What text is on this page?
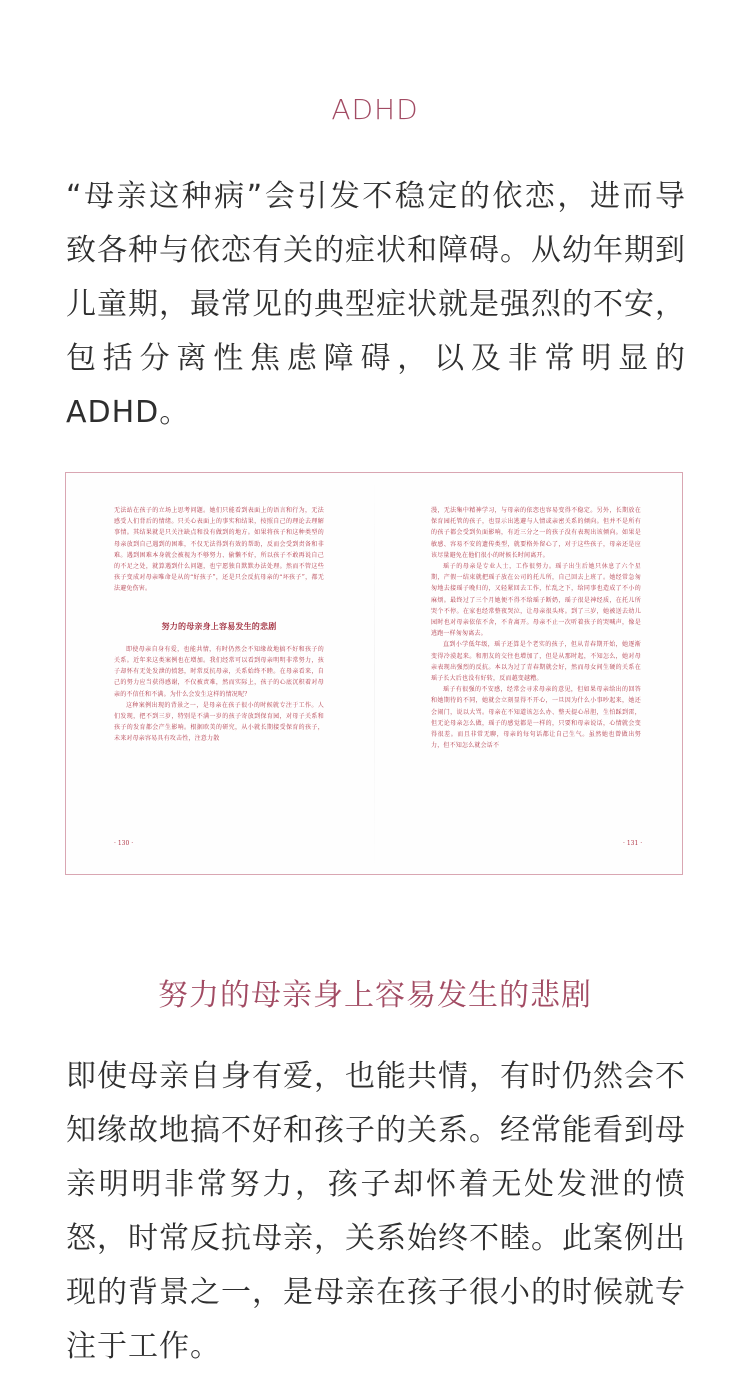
ADHD

“母亲这种病”会引发不稳定的依恋，进而导致各种与依恋有关的症状和障碍。从幼年期到儿童期，最常见的典型症状就是强烈的不安，包括分离性焦虑障碍，以及非常明显的ADHD。

无法站在孩子的立场上思考问题。她们只能看到表面上的语言和行为，无法感受人们背后的情绪。只关心表面上的事实和结果，按照自己的理论去理解事情。其结果就是只关注缺点和没有做到的地方。如果将孩子和这种类型的母亲放到自己遇到的困难，不仅无法得到有效的帮助，反而会受到责备和非难。遇到困难本身就会被视为不够努力、偷懒不好，所以孩子不敢再说自己的不足之处，就算遇到什么问题，也宁愿独自默默办法处理。然而不管这些孩子变成对母亲唯命是从的“好孩子”，还是只会反抗母亲的“坏孩子”，都无法避免伤害。

努力的母亲身上容易发生的悲剧

即使母亲自身有爱，也能共情，有时仍然会不知缘故地搞不好和孩子的关系。近年来这类案例也在增加。我们经常可以看到母亲明明非常努力，孩子却怀有无处发泄的愤怒，时常反抗母亲，关系始终不睦。在母亲看来，自己的努力应当获得感谢，不仅被责难，然而实际上，孩子的心底沉积着对母亲的不信任和不满。为什么会发生这样的情况呢？

这种案例出现的背景之一，是母亲在孩子很小的时候就专注于工作。人们发现，把不到三岁，特别是不满一岁的孩子寄放到保育园，对母子关系和孩子的发育都会产生影响。根据欧美的研究，从小就长期接受保育的孩子，未来对母亲容易具有攻击性，注意力散

· 130 ·

漫，无法集中精神学习，与母亲的依恋也容易变得不稳定。另外，长期放在保育园托管的孩子，也显示出逃避与人情或亲密关系的倾向。但并不是所有的孩子都会受到负面影响，有近三分之一的孩子没有表现出该倾向。如果是敏感、容易不安的遗传类型，就要格外留心了，对于这些孩子，母亲还是应该尽量避免在他们很小的时候长时间离开。

瑶子的母亲是专业人士，工作很努力。瑶子出生后她只休息了六个星期，产假一结束就把瑶子放在公司的托儿所，自己回去上班了。她经常急匆匆地去接瑶子晚归的，又轻紧回去工作，忙乱之下，给同事也造成了不小的麻烦。最终过了三个月她便不得不给瑶子断奶，瑶子很是神经质，在托儿所哭个不停。在家也经常整夜哭泣，让母亲很头疼。到了三岁，她被送去幼儿园时也对母亲依依不舍，不肯离开。母亲不止一次听着孩子的哭喊声，像是逃跑一样匆匆离去。

直到小学低年级，瑶子还算是个老实的孩子，但从青春期开始，她逐渐变得冷漠起来。和朋友的交往也增加了，但是从那时起，不知怎么，她对母亲表现出强烈的反抗。本以为过了青春期就会好，然而母女间生硬的关系在瑶子长大后也没有好转，反而越变越糟。

瑶子有很强的不安感，经常会寻求母亲的意见，但如果母亲给出的回答和她期待的不同，她就会立刻显得不开心，一旦因为什么小事吵起来，她还会闹门，说以大骂。母亲在不知道该怎么办、整天提心吊胆，生怕踩到雷，但无论母亲怎么做，瑶子的感觉都是一样的，只要和母亲说话，心情就会变得很差。而且非常无聊，母亲的每句话都让自己生气。虽然她也曾做出努力，但不知怎么就会话不

· 131 ·
努力的母亲身上容易发生的悲剧

即使母亲自身有爱，也能共情，有时仍然会不知缘故地搞不好和孩子的关系。经常能看到母亲明明非常努力，孩子却怀着无处发泄的愤怒，时常反抗母亲，关系始终不睦。此案例出现的背景之一，是母亲在孩子很小的时候就专注于工作。
